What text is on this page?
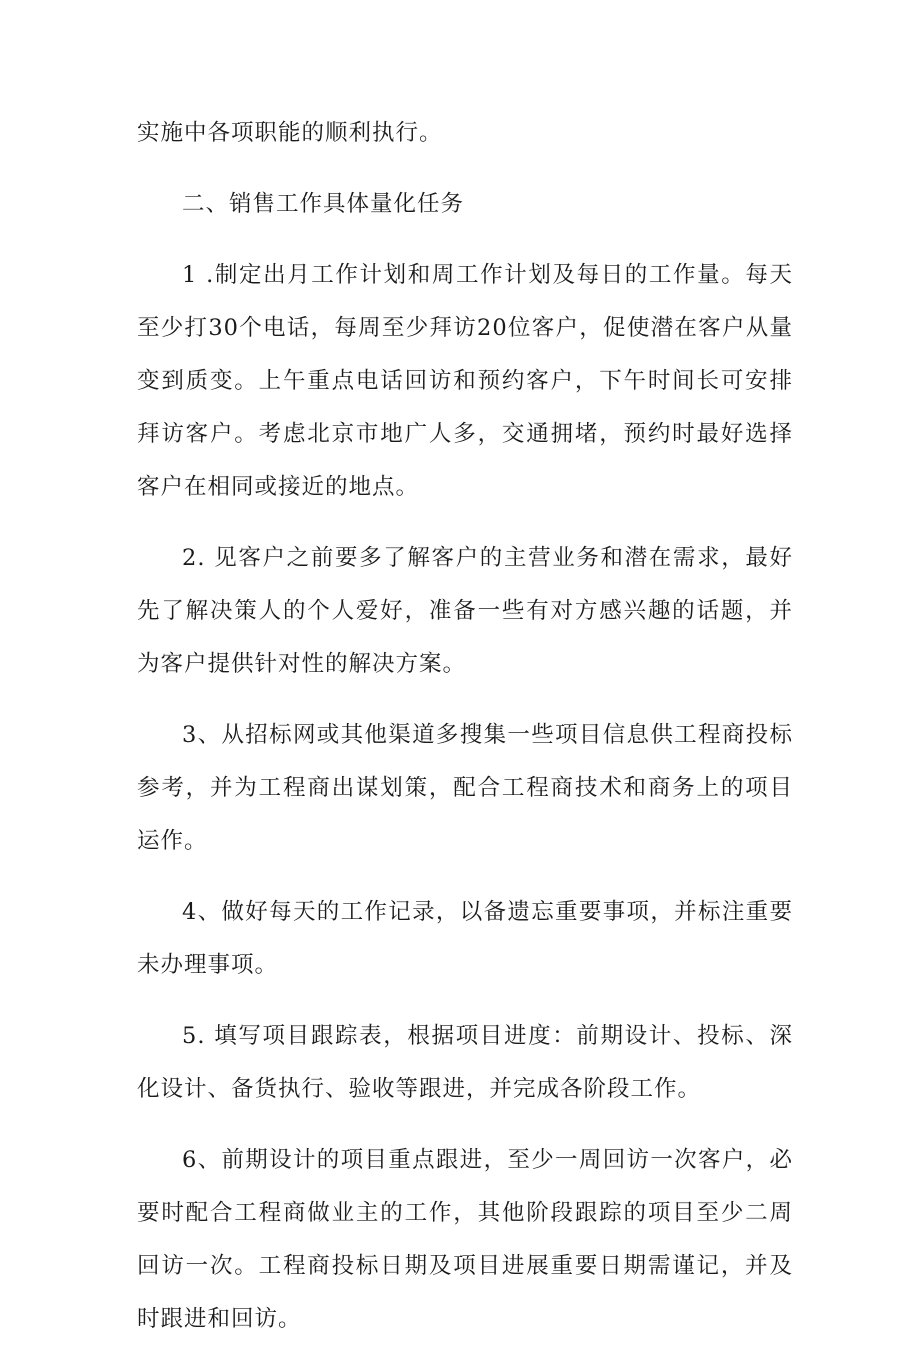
实施中各项职能的顺利执行。

二、销售工作具体量化任务

1 .制定出月工作计划和周工作计划及每日的工作量。每天至少打30个电话，每周至少拜访20位客户，促使潜在客户从量变到质变。上午重点电话回访和预约客户，下午时间长可安排拜访客户。考虑北京市地广人多，交通拥堵，预约时最好选择客户在相同或接近的地点。

2. 见客户之前要多了解客户的主营业务和潜在需求，最好先了解决策人的个人爱好，准备一些有对方感兴趣的话题，并为客户提供针对性的解决方案。

3、从招标网或其他渠道多搜集一些项目信息供工程商投标参考，并为工程商出谋划策，配合工程商技术和商务上的项目运作。

4、做好每天的工作记录，以备遗忘重要事项，并标注重要未办理事项。

5. 填写项目跟踪表，根据项目进度：前期设计、投标、深化设计、备货执行、验收等跟进，并完成各阶段工作。

6、前期设计的项目重点跟进，至少一周回访一次客户，必要时配合工程商做业主的工作，其他阶段跟踪的项目至少二周回访一次。工程商投标日期及项目进展重要日期需谨记，并及时跟进和回访。
